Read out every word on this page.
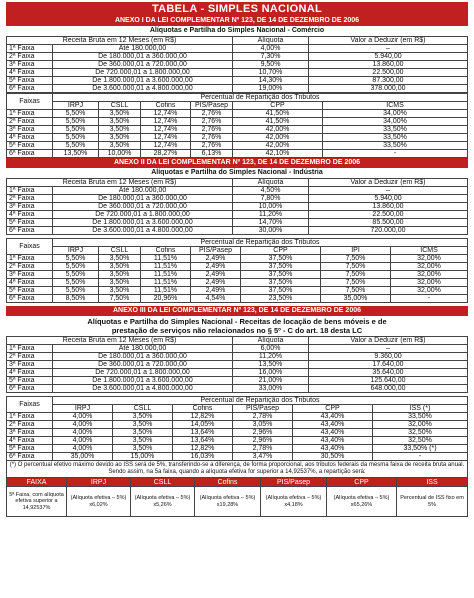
TABELA - SIMPLES NACIONAL
ANEXO I DA LEI COMPLEMENTAR Nº 123, DE 14 DE DEZEMBRO DE 2006
Alíquotas e Partilha do Simples Nacional - Comércio
Receita Bruta em 12 Meses (em R$)		Alíquota	Valor a Deduzir (em R$)
1ª Faixa	Até 180.000,00	4,00%	–
2ª Faixa	De 180.000,01 a 360.000,00	7,30%	5.940,00
3ª Faixa	De 360.000,01 a 720.000,00	9,50%	13.860,00
4ª Faixa	De 720.000,01 a 1.800.000,00	10,70%	22.500,00
5ª Faixa	De 1.800.000,01 a 3.600.000,00	14,30%	87.300,00
6ª Faixa	De 3.600.000,01 a 4.800.000,00	19,00%	378.000,00
Faixas	Percentual de Repartição dos Tributos					
	IRPJ	CSLL	Cofins	PIS/Pasep	CPP	ICMS
1ª Faixa	5,50%	3,50%	12,74%	2,76%	41,50%	34,00%
2ª Faixa	5,50%	3,50%	12,74%	2,76%	41,50%	34,00%
3ª Faixa	5,50%	3,50%	12,74%	2,76%	42,00%	33,50%
4ª Faixa	5,50%	3,50%	12,74%	2,76%	42,00%	33,50%
5ª Faixa	5,50%	3,50%	12,74%	2,76%	42,00%	33,50%
6ª Faixa	13,50%	10,00%	28,27%	6,13%	42,10%	-
ANEXO II DA LEI COMPLEMENTAR Nº 123, DE 14 DE DEZEMBRO DE 2006
Alíquotas e Partilha do Simples Nacional - Indústria
Receita Bruta em 12 Meses (em R$)		Alíquota	Valor a Deduzir (em R$)
1ª Faixa	Até 180.000,00	4,50%	–
2ª Faixa	De 180.000,01 a 360.000,00	7,80%	5.940,00
3ª Faixa	De 360.000,01 a 720.000,00	10,00%	13.860,00
4ª Faixa	De 720.000,01 a 1.800.000,00	11,20%	22.500,00
5ª Faixa	De 1.800.000,01 a 3.600.000,00	14,70%	85.500,00
6ª Faixa	De 3.600.000,01 a 4.800.000,00	30,00%	720.000,00
Faixas	Percentual de Repartição dos Tributos						
	IRPJ	CSLL	Cofins	PIS/Pasep	CPP	IPI	ICMS
1ª Faixa	5,50%	3,50%	11,51%	2,49%	37,50%	7,50%	32,00%
2ª Faixa	5,50%	3,50%	11,51%	2,49%	37,50%	7,50%	32,00%
3ª Faixa	5,50%	3,50%	11,51%	2,49%	37,50%	7,50%	32,00%
4ª Faixa	5,50%	3,50%	11,51%	2,49%	37,50%	7,50%	32,00%
5ª Faixa	5,50%	3,50%	11,51%	2,49%	37,50%	7,50%	32,00%
6ª Faixa	8,50%	7,50%	20,96%	4,54%	23,50%	35,00%	-
ANEXO III DA LEI COMPLEMENTAR Nº 123, DE 14 DE DEZEMBRO DE 2006
Alíquotas e Partilha do Simples Nacional - Receitas de locação de bens móveis e de
prestação de serviços não relacionados no § 5º - C do art. 18 desta LC
Receita Bruta em 12 Meses (em R$)		Alíquota	Valor a Deduzir (em R$)
1ª Faixa	Até 180.000,00	6,00%	–
2ª Faixa	De 180.000,01 a 360.000,00	11,20%	9.360,00
3ª Faixa	De 360.000,01 a 720.000,00	13,50%	17.640,00
4ª Faixa	De 720.000,01 a 1.800.000,00	16,00%	35.640,00
5ª Faixa	De 1.800.000,01 a 3.600.000,00	21,00%	125.640,00
6ª Faixa	De 3.600.000,01 a 4.800.000,00	33,00%	648.000,00
Faixas	Percentual de Repartição dos Tributos					
	IRPJ	CSLL	Cofins	PIS/Pasep	CPP	ISS (*)
1ª Faixa	4,00%	3,50%	12,82%	2,78%	43,40%	33,50%
2ª Faixa	4,00%	3,50%	14,05%	3,05%	43,40%	32,00%
3ª Faixa	4,00%	3,50%	13,64%	2,96%	43,40%	32,50%
4ª Faixa	4,00%	3,50%	13,64%	2,96%	43,40%	32,50%
5ª Faixa	4,00%	3,50%	12,82%	2,78%	43,40%	33,50% (*)
6ª Faixa	35,00%	15,00%	16,03%	3,47%	30,50%	-
(*) O percentual efetivo máximo devido ao ISS será de 5%, transferindo-se a diferença, de forma proporcional, aos tributos federais da mesma faixa de receita bruta anual. Sendo assim, na 5a faixa, quando a alíquota efetiva for superior a 14,92537%, a repartição será:
FAIXA	IRPJ	CSLL	Cofins	PIS/Pasep	CPP	ISS
5ª Faixa, com alíquota efetiva superior a 14,92537%	(Alíquota efetiva – 5%) x6,02%	(Alíquota efetiva – 5%) x5,26%	(Alíquota efetiva – 5%) x19,28%	(Alíquota efetiva – 5%) x4,18%	(Alíquota efetiva – 5%) x65,26%	Percentual de ISS fixo em 5%
